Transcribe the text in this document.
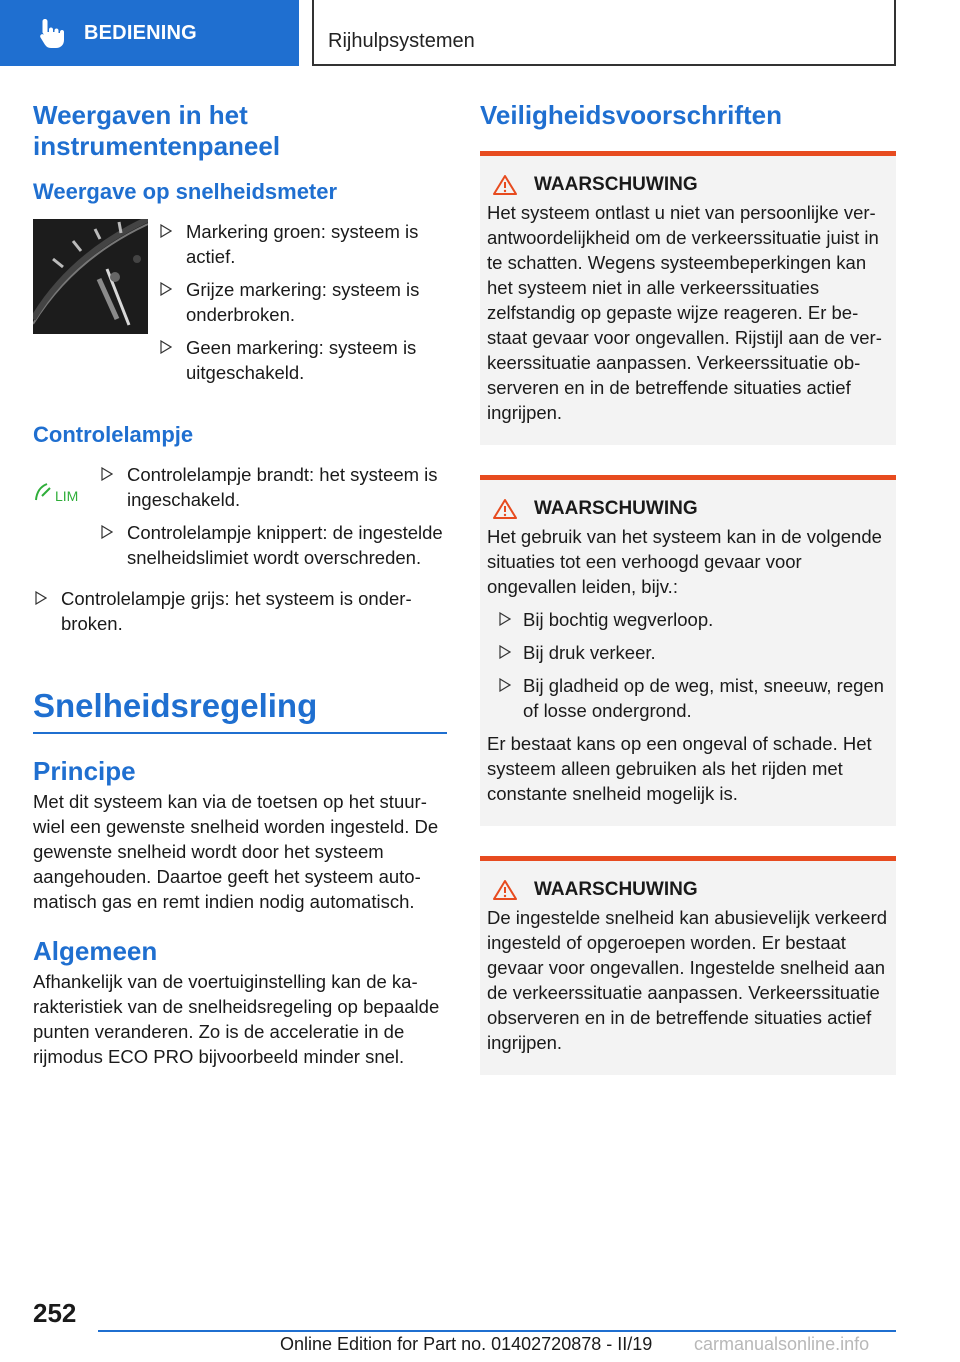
BEDIENING	Rijhulpsystemen
Weergaven in het instrumentenpaneel
Weergave op snelheidsmeter
Markering groen: systeem is actief.
Grijze markering: systeem is onderbroken.
Geen markering: systeem is uitgeschakeld.
Controlelampje
LIM
Controlelampje brandt: het systeem is ingeschakeld.
Controlelampje knippert: de ingestelde snelheidslimiet wordt overschreden.
Controlelampje grijs: het systeem is onderbroken.
Snelheidsregeling
Principe

Met dit systeem kan via de toetsen op het stuurwiel een gewenste snelheid worden ingesteld. De gewenste snelheid wordt door het systeem aangehouden. Daartoe geeft het systeem automatisch gas en remt indien nodig automatisch.

Algemeen

Afhankelijk van de voertuiginstelling kan de karakteristiek van de snelheidsregeling op bepaalde punten veranderen. Zo is de acceleratie in de rijmodus ECO PRO bijvoorbeeld minder snel.

Veiligheidsvoorschriften
WAARSCHUWING

Het systeem ontlast u niet van persoonlijke verantwoordelijkheid om de verkeerssituatie juist in te schatten. Wegens systeembeperkingen kan het systeem niet in alle verkeerssituaties zelfstandig op gepaste wijze reageren. Er bestaat gevaar voor ongevallen. Rijstijl aan de verkeerssituatie aanpassen. Verkeerssituatie observeren en in de betreffende situaties actief ingrijpen.

WAARSCHUWING

Het gebruik van het systeem kan in de volgende situaties tot een verhoogd gevaar voor ongevallen leiden, bijv.:

Bij bochtig wegverloop.
Bij druk verkeer.
Bij gladheid op de weg, mist, sneeuw, regen of losse ondergrond.

Er bestaat kans op een ongeval of schade. Het systeem alleen gebruiken als het rijden met constante snelheid mogelijk is.

WAARSCHUWING

De ingestelde snelheid kan abusievelijk verkeerd ingesteld of opgeroepen worden. Er bestaat gevaar voor ongevallen. Ingestelde snelheid aan de verkeerssituatie aanpassen. Verkeerssituatie observeren en in de betreffende situaties actief ingrijpen.

252
Online Edition for Part no. 01402720878 - II/19 carmanualsonline.info
